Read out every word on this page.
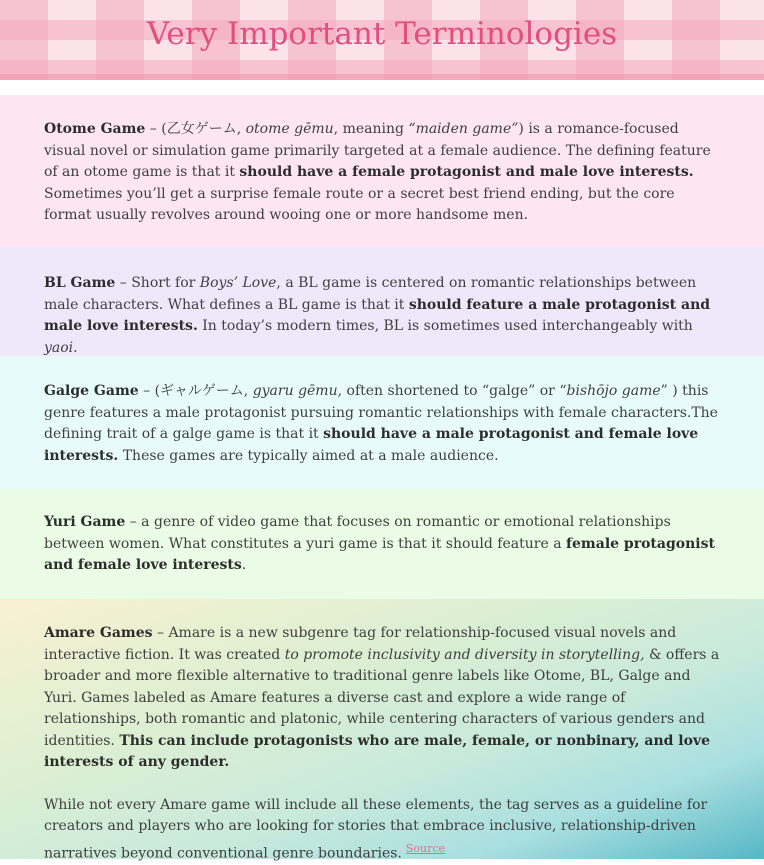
Very Important Terminologies

Otome Game – (乙女ゲーム, otome gēmu, meaning “maiden game”) is a romance-focused visual novel or simulation game primarily targeted at a female audience. The defining feature of an otome game is that it should have a female protagonist and male love interests. Sometimes you’ll get a surprise female route or a secret best friend ending, but the core format usually revolves around wooing one or more handsome men.

BL Game – Short for Boys’ Love, a BL game is centered on romantic relationships between male characters. What defines a BL game is that it should feature a male protagonist and male love interests. In today’s modern times, BL is sometimes used interchangeably with yaoi.

Galge Game – (ギャルゲーム, gyaru gēmu, often shortened to “galge” or “bishōjo game” ) this genre features a male protagonist pursuing romantic relationships with female characters.The defining trait of a galge game is that it should have a male protagonist and female love interests. These games are typically aimed at a male audience.

Yuri Game – a genre of video game that focuses on romantic or emotional relationships between women. What constitutes a yuri game is that it should feature a female protagonist and female love interests.

Amare Games – Amare is a new subgenre tag for relationship-focused visual novels and interactive fiction. It was created to promote inclusivity and diversity in storytelling, & offers a broader and more flexible alternative to traditional genre labels like Otome, BL, Galge and Yuri. Games labeled as Amare features a diverse cast and explore a wide range of relationships, both romantic and platonic, while centering characters of various genders and identities. This can include protagonists who are male, female, or nonbinary, and love interests of any gender.

While not every Amare game will include all these elements, the tag serves as a guideline for creators and players who are looking for stories that embrace inclusive, relationship-driven narratives beyond conventional genre boundaries. $^{Source}$
